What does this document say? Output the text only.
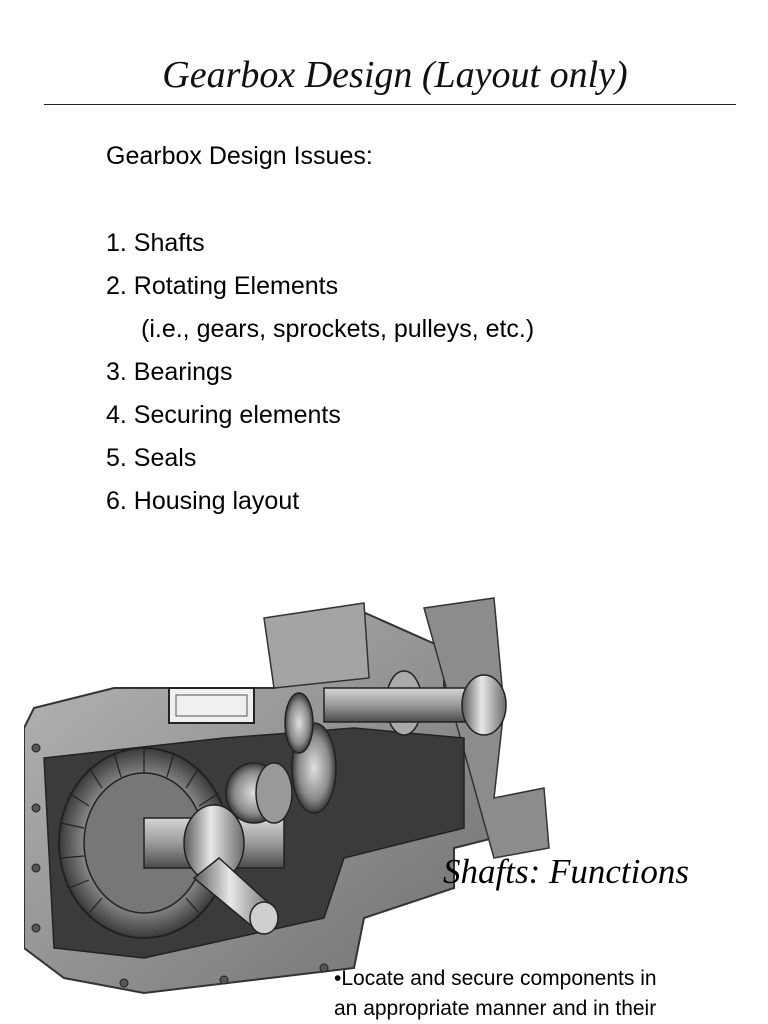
Gearbox Design (Layout only)
Gearbox Design Issues:
1. Shafts
2. Rotating Elements
(i.e., gears, sprockets, pulleys, etc.)
3. Bearings
4. Securing elements
5. Seals
6. Housing layout
Shafts: Functions
•Locate and secure components in
an appropriate manner and in their
